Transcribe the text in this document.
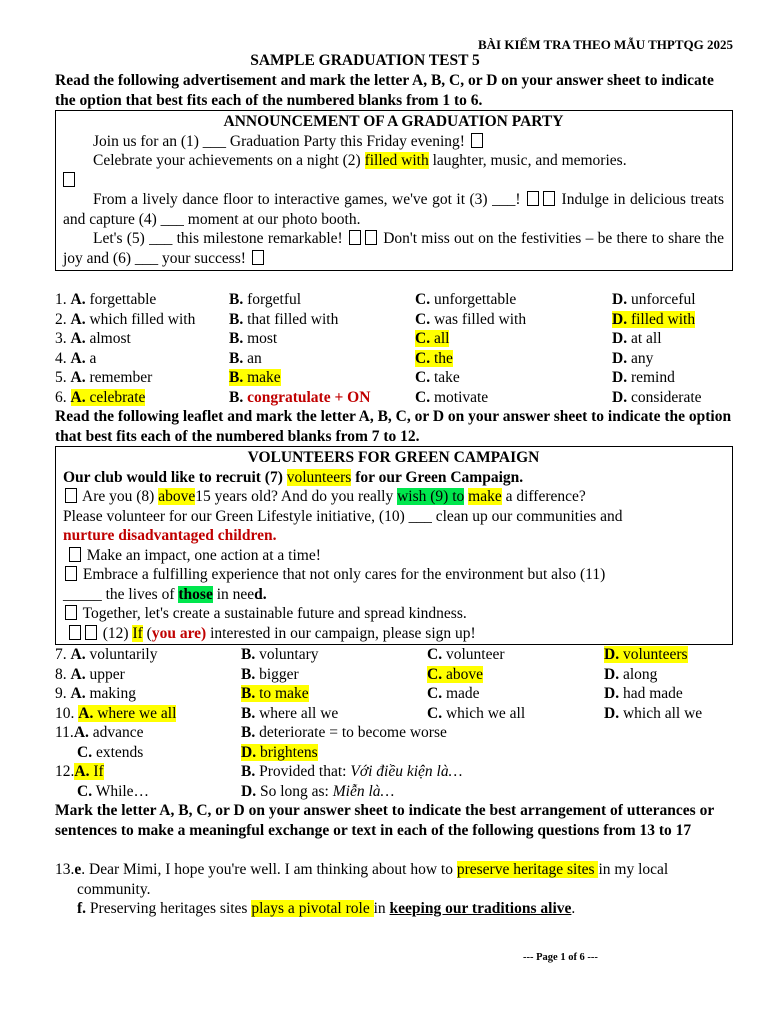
BÀI KIỂM TRA THEO MẪU THPTQG 2025
SAMPLE GRADUATION TEST 5
Read the following advertisement and mark the letter A, B, C, or D on your answer sheet to indicate the option that best fits each of the numbered blanks from 1 to 6.
ANNOUNCEMENT OF A GRADUATION PARTY

Join us for an (1) ___ Graduation Party this Friday evening!

Celebrate your achievements on a night (2) filled with laughter, music, and memories.

From a lively dance floor to interactive games, we've got it (3) ___!  Indulge in delicious treats and capture (4) ___ moment at our photo booth.

Let's (5) ___ this milestone remarkable!  Don't miss out on the festivities – be there to share the joy and (6) ___ your success!

1. A. forgettable	B. forgetful	C. unforgettable	D. unforceful
2. A. which filled with	B. that filled with	C. was filled with	D. filled with
3. A. almost	B. most	C. all	D. at all
4. A. a	B. an	C. the	D. any
5. A. remember	B. make	C. take	D. remind
6. A. celebrate	B. congratulate + ON	C. motivate	D. considerate
Read the following leaflet and mark the letter A, B, C, or D on your answer sheet to indicate the option that best fits each of the numbered blanks from 7 to 12.
VOLUNTEERS FOR GREEN CAMPAIGN

Our club would like to recruit (7) volunteers for our Green Campaign.

Are you (8) above15 years old? And do you really wish (9) to make a difference?

Please volunteer for our Green Lifestyle initiative, (10) ___ clean up our communities and
nurture disadvantaged children.

Make an impact, one action at a time!

Embrace a fulfilling experience that not only cares for the environment but also (11)

_____ the lives of those in need.

Together, let's create a sustainable future and spread kindness.

(12) If (you are) interested in our campaign, please sign up!

7. A. voluntarily	B. voluntary	C. volunteer	D. volunteers
8. A. upper	B. bigger	C. above	D. along
9. A. making	B. to make	C. made	D. had made
10. A. where we all	B. where all we	C. which we all	D. which all we
11.A. advance	B. deteriorate = to become worse
C. extends	D. brightens
12.A. If	B. Provided that: Với điều kiện là…
C. While…	D. So long as: Miễn là…
Mark the letter A, B, C, or D on your answer sheet to indicate the best arrangement of utterances or sentences to make a meaningful exchange or text in each of the following questions from 13 to 17
13.e. Dear Mimi, I hope you're well. I am thinking about how to preserve heritage sites in my local community.
f. Preserving heritages sites plays a pivotal role in keeping our traditions alive.
--- Page 1 of 6 ---
